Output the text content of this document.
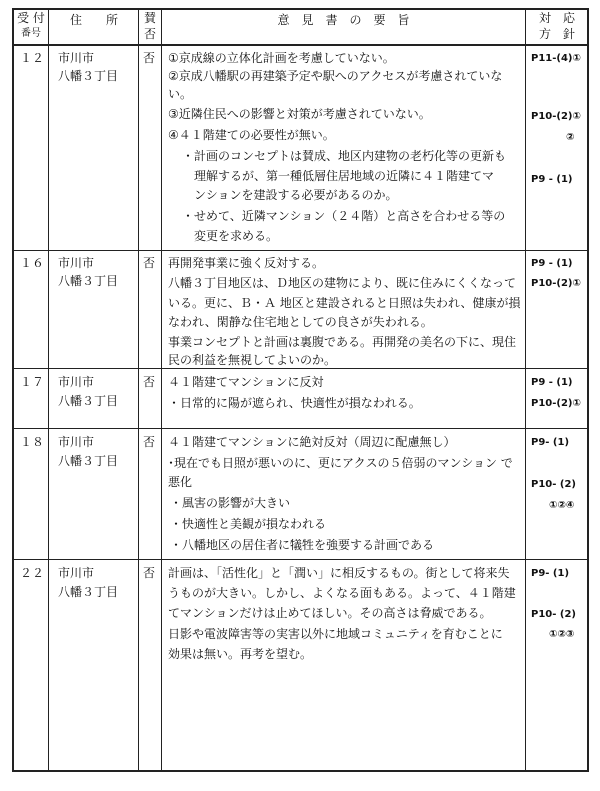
受 付
番号
住　　所	賛
否
意　見　書　の　要　旨	対　応
方　針
１２ 市川市
八幡３丁目
否 ①京成線の立体化計画を考慮していない。
②京成八幡駅の再建築予定や駅へのアクセスが考慮されていな
い。
③近隣住民への影響と対策が考慮されていない。
④４１階建ての必要性が無い。
・計画のコンセプトは賛成、地区内建物の老朽化等の更新も
理解するが、第一種低層住居地域の近隣に４１階建てマ
ンションを建設する必要があるのか。
・せめて、近隣マンション（２４階）と高さを合わせる等の
変更を求める。
P11-(4)①
P10-(2)①
②
P9 - (1)
１６ 市川市
八幡３丁目
否 再開発事業に強く反対する。
八幡３丁目地区は、Ｄ地区の建物により、既に住みにくくなって
いる。更に、Ｂ・Ａ 地区と建設されると日照は失われ、健康が損
なわれ、閑静な住宅地としての良さが失われる。
事業コンセプトと計画は裏腹である。再開発の美名の下に、現住
民の利益を無視してよいのか。
P9 - (1)
P10-(2)①
１７ 市川市
八幡３丁目
否 ４１階建てマンションに反対
・日常的に陽が遮られ、快適性が損なわれる。
P9 - (1)
P10-(2)①
１８ 市川市
八幡３丁目
否 ４１階建てマンションに絶対反対（周辺に配慮無し）
･現在でも日照が悪いのに、更にアクスの５倍弱のマンション で
悪化
・風害の影響が大きい
・快適性と美観が損なわれる
・八幡地区の居住者に犠牲を強要する計画である
P9- (1)
P10- (2)
①②④
２２ 市川市
八幡３丁目
否 計画は、「活性化」と「潤い」に相反するもの。街として将来失
うものが大きい。しかし、よくなる面もある。よって、４１階建
てマンションだけは止めてほしい。その高さは脅威である。
日影や電波障害等の実害以外に地域コミュニティを育むことに
効果は無い。再考を望む。
P9- (1)
P10- (2)
①②③
